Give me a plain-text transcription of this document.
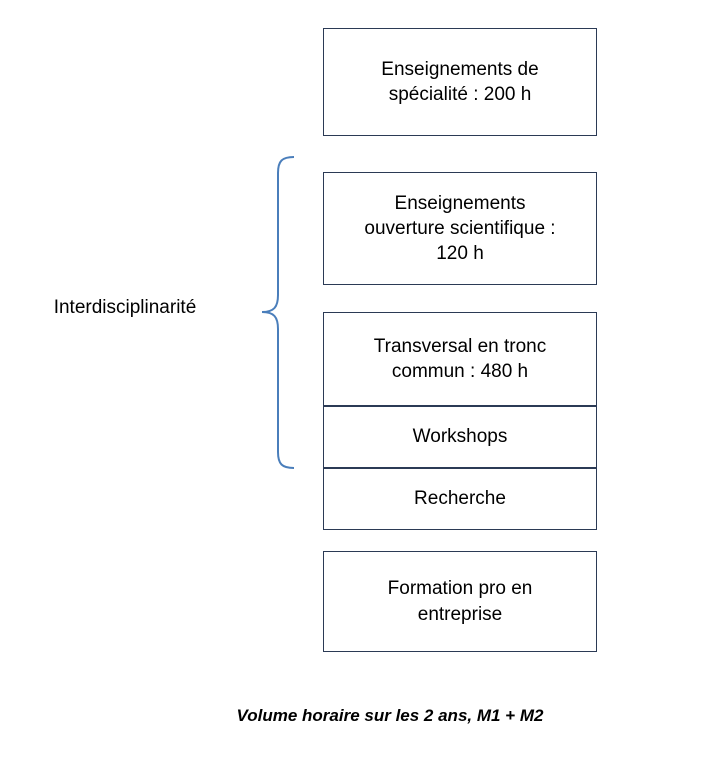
Interdisciplinarité
Enseignements de
spécialité : 200 h
Enseignements
ouverture scientifique :
120 h
Transversal en tronc
commun : 480 h
Workshops
Recherche
Formation pro en
entreprise
Volume horaire sur les 2 ans, M1 + M2
